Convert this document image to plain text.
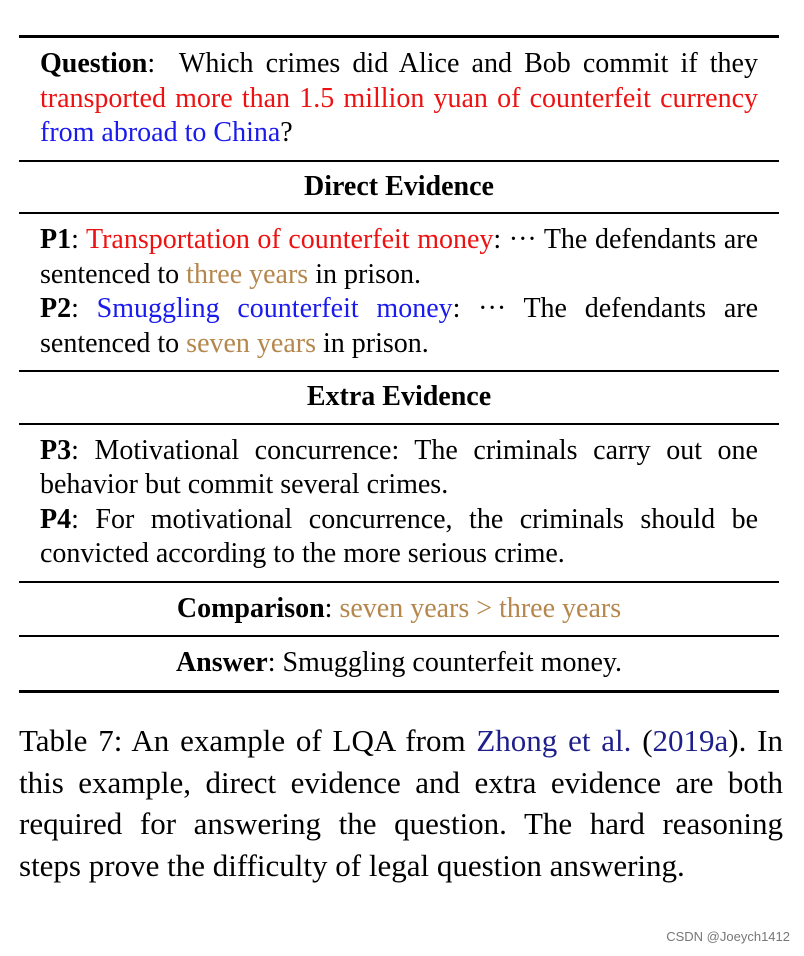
Question: Which crimes did Alice and Bob commit if they transported more than 1.5 million yuan of counterfeit currency from abroad to China?
Direct Evidence
P1: Transportation of counterfeit money: ··· The defendants are sentenced to three years in prison.
P2: Smuggling counterfeit money: ··· The defendants are sentenced to seven years in prison.
Extra Evidence
P3: Motivational concurrence: The criminals carry out one behavior but commit several crimes.
P4: For motivational concurrence, the criminals should be convicted according to the more serious crime.
Comparison: seven years > three years
Answer: Smuggling counterfeit money.
Table 7: An example of LQA from Zhong et al. (2019a). In this example, direct evidence and extra evidence are both required for answering the question. The hard reasoning steps prove the difficulty of legal question answering.
CSDN @Joeych1412
